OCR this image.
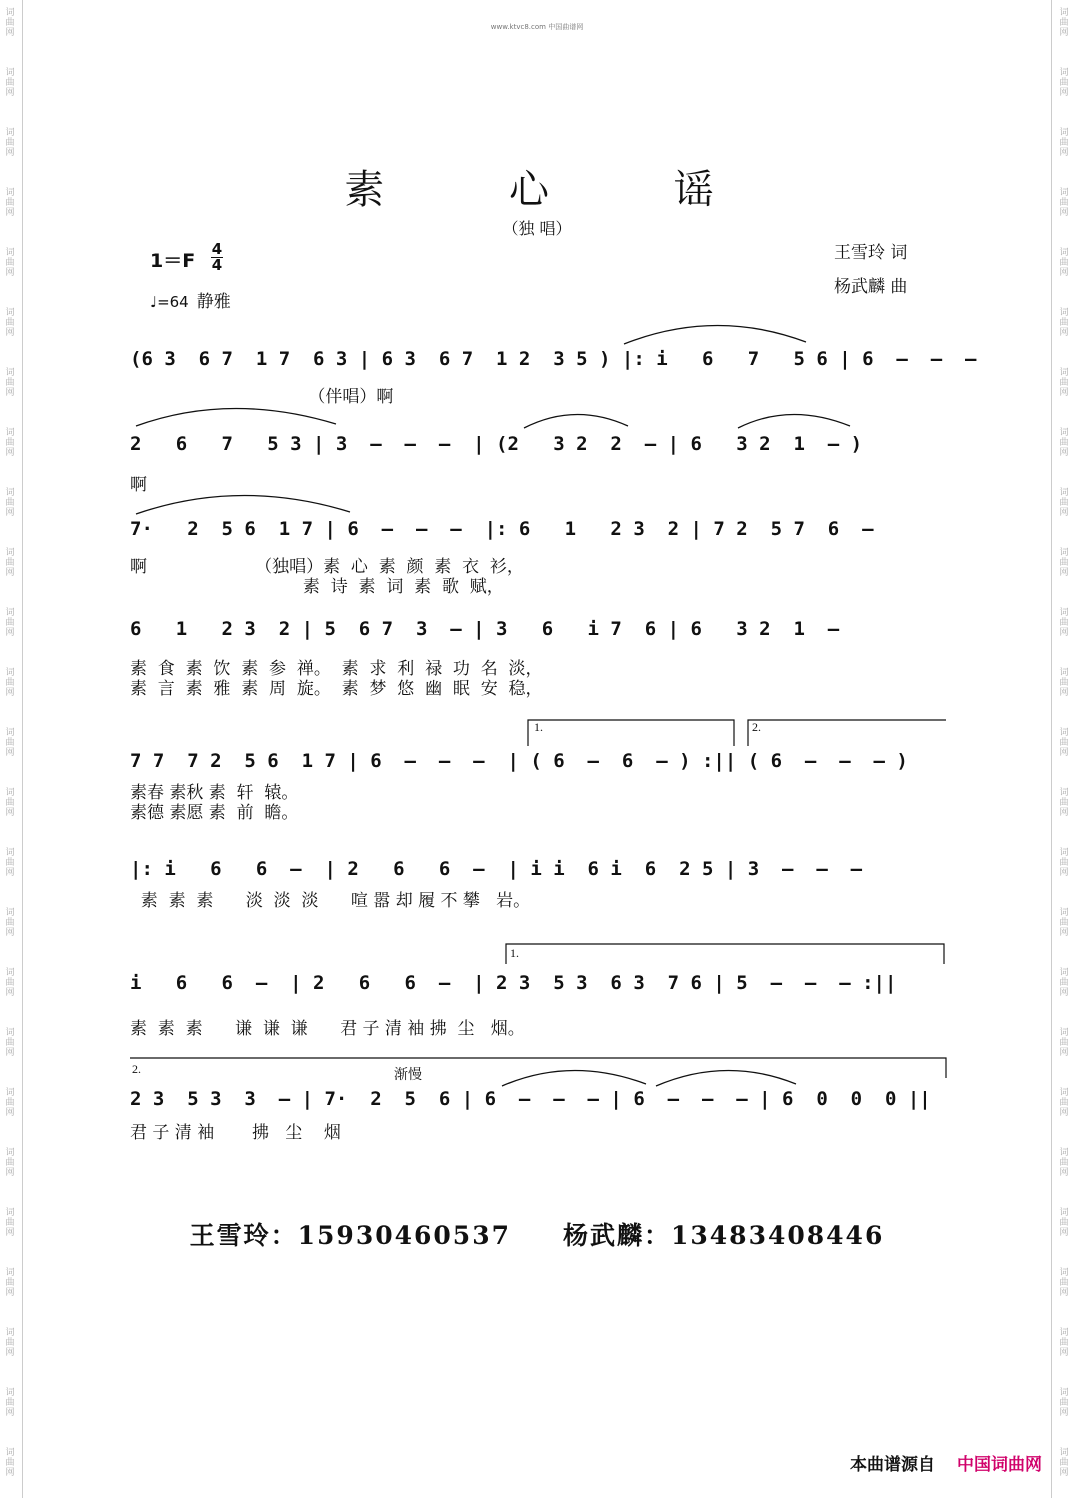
词
曲
网
词
曲
网
词
曲
网
词
曲
网
词
曲
网
词
曲
网
词
曲
网
词
曲
网
词
曲
网
词
曲
网
词
曲
网
词
曲
网
词
曲
网
词
曲
网
词
曲
网
词
曲
网
词
曲
网
词
曲
网
词
曲
网
词
曲
网
词
曲
网
词
曲
网
词
曲
网
词
曲
网
词
曲
网
词
曲
网
词
曲
网
词
曲
网
词
曲
网
词
曲
网
词
曲
网
词
曲
网
词
曲
网
词
曲
网
词
曲
网
词
曲
网
词
曲
网
词
曲
网
词
曲
网
词
曲
网
词
曲
网
词
曲
网
词
曲
网
词
曲
网
词
曲
网
词
曲
网
词
曲
网
词
曲
网
词
曲
网
词
曲
网
www.ktvc8.com 中国曲谱网
素 心 谣
（独 唱）
王雪玲 词
杨武麟 曲
$1=F \frac{4}{4}$
♩=64 静雅
(6 3  6 7  1 7  6 3 | 6 3  6 7  1 2  3 5 ) |: i   6   7   5 6 | 6  –  –  –
（伴唱）啊
2   6   7   5 3 | 3  –  –  –  | (2   3 2  2  – | 6   3 2  1  – )
啊
7·   2  5 6  1 7 | 6  –  –  –  |: 6   1   2 3  2 | 7 2  5 7  6  –
啊                    （独唱）素  心  素  颜  素  衣  衫，
素  诗  素  词  素  歌  赋，
6   1   2 3  2 | 5  6 7  3  – | 3   6   i 7  6 | 6   3 2  1  –
素  食  素  饮  素  参  禅。  素  求  利  禄  功  名  淡，
素  言  素  雅  素  周  旋。  素  梦  悠  幽  眠  安  稳，
7 7  7 2  5 6  1 7 | 6  –  –  –  | ( 6  –  6  – ) :|| ( 6  –  –  – )
素春 素秋 素  轩  辕。
素德 素愿 素  前  瞻。
1.	2.
|: i   6   6  –  | 2   6   6  –  | i i  6 i  6  2 5 | 3  –  –  –
素  素  素      淡  淡  淡      喧 嚣 却 履 不 攀   岩。
i   6   6  –  | 2   6   6  –  | 2 3  5 3  6 3  7 6 | 5  –  –  – :||
素  素  素      谦  谦  谦      君 子 清 袖 拂  尘   烟。
1.
2 3  5 3  3  – | 7·  2  5  6 | 6  –  –  – | 6  –  –  – | 6  0  0  0 ||
君 子 清 袖       拂   尘    烟
2.	渐慢
王雪玲：15930460537 杨武麟：13483408446
本曲谱源自 中国词曲网
